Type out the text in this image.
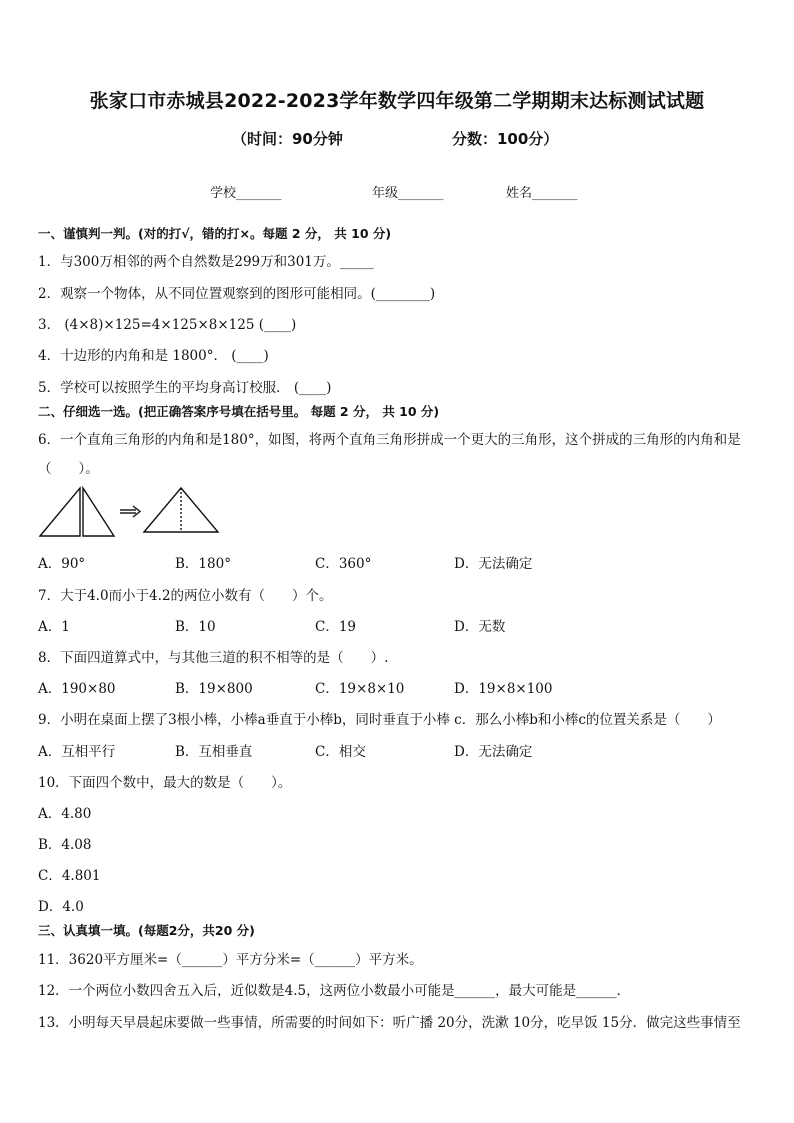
张家口市赤城县2022-2023学年数学四年级第二学期期末达标测试试题
（时间：90分钟	分数：100分）
学校_______	年级_______	姓名_______
一、谨慎判一判。(对的打√，错的打×。每题 2 分， 共 10 分)
1．与300万相邻的两个自然数是299万和301万。_____
2．观察一个物体，从不同位置观察到的图形可能相同。(________)
3． (4×8)×125=4×125×8×125 (____)
4．十边形的内角和是 1800°． (____)
5．学校可以按照学生的平均身高订校服． (____)
二、仔细选一选。(把正确答案序号填在括号里。 每题 2 分， 共 10 分)
6．一个直角三角形的内角和是180°，如图，将两个直角三角形拼成一个更大的三角形，这个拼成的三角形的内角和是
（　　）。
A．90°	B．180°	C．360°	D．无法确定
7．大于4.0而小于4.2的两位小数有（　　）个。
A．1	B．10	C．19	D．无数
8．下面四道算式中，与其他三道的积不相等的是（　　）.
A．190×80	B．19×800	C．19×8×10	D．19×8×100
9．小明在桌面上摆了3根小棒，小棒a垂直于小棒b，同时垂直于小棒 c．那么小棒b和小棒c的位置关系是（　　）
A．互相平行	B．互相垂直	C．相交	D．无法确定
10．下面四个数中，最大的数是（　　）。
A．4.80
B．4.08
C．4.801
D．4.0
三、认真填一填。(每题2分，共20 分)
11．3620平方厘米=（______）平方分米=（______）平方米。
12．一个两位小数四舍五入后，近似数是4.5，这两位小数最小可能是______，最大可能是______．
13．小明每天早晨起床要做一些事情，所需要的时间如下：听广播 20分，洗漱 10分，吃早饭 15分．做完这些事情至
